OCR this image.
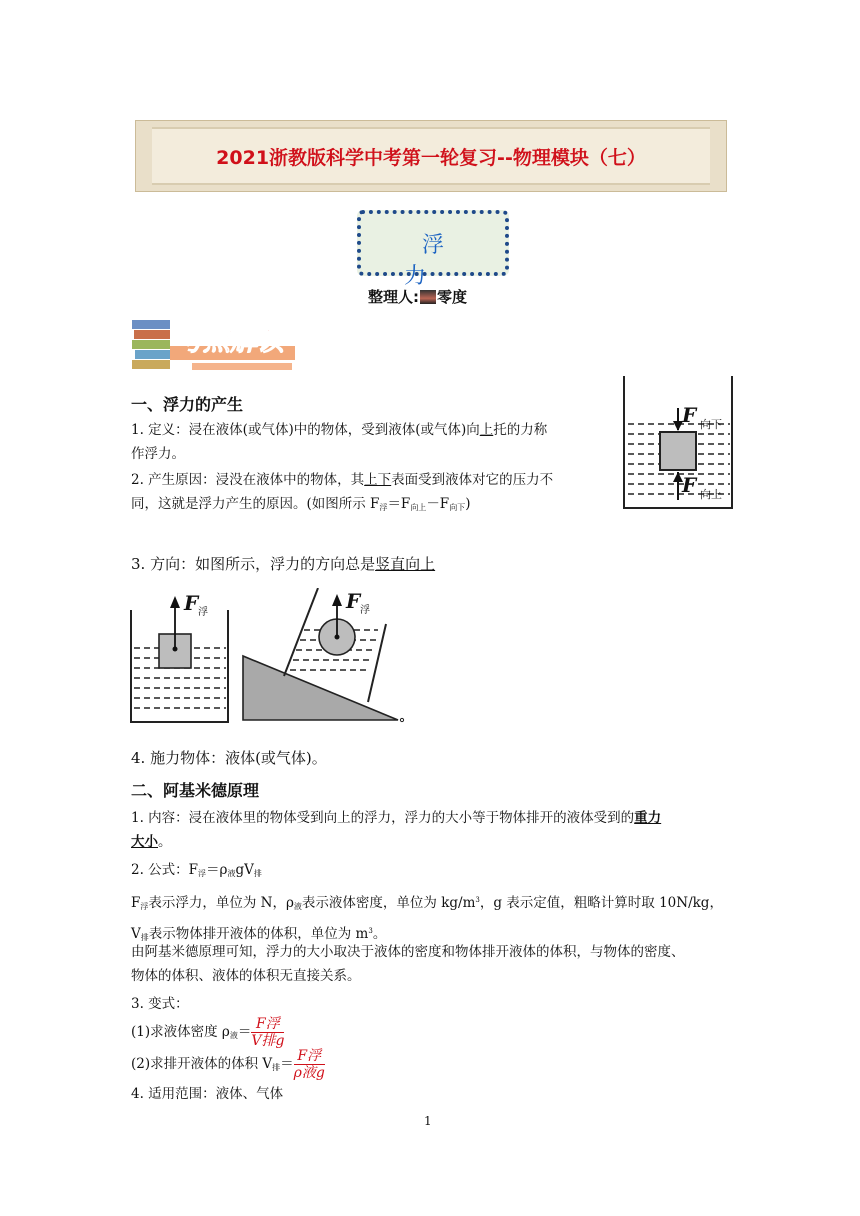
2021浙教版科学中考第一轮复习--物理模块（七）
浮力
整理人: 零度
考点解读
一、浮力的产生
1. 定义：浸在液体(或气体)中的物体，受到液体(或气体)向上托的力称
作浮力。
2. 产生原因：浸没在液体中的物体，其上下表面受到液体对它的压力不
同，这就是浮力产生的原因。(如图所示 $F_浮=F_{向上}-F_{向下}$)
F 向下
F 向上
3. 方向：如图所示，浮力的方向总是竖直向上
F 浮	F 浮
4. 施力物体：液体(或气体)。
二、阿基米德原理
1. 内容：浸在液体里的物体受到向上的浮力，浮力的大小等于物体排开的液体受到的重力
大小。
2. 公式：$F_浮=\rho_液gV_排$
$F_浮$表示浮力，单位为 N，$\rho_液$表示液体密度，单位为 $kg/m^3$，g 表示定值，粗略计算时取 10N/kg，
$V_排$表示物体排开液体的体积，单位为 $m^3$。
由阿基米德原理可知，浮力的大小取决于液体的密度和物体排开液体的体积，与物体的密度、
物体的体积、液体的体积无直接关系。
3. 变式：
(1)求液体密度 $\rho_液= \frac{\text{F浮}}{\text{V排g}}$
(2)求排开液体的体积 $V_排= \frac{\text{F浮}}{\text{ρ液g}}$
4. 适用范围：液体、气体
1
